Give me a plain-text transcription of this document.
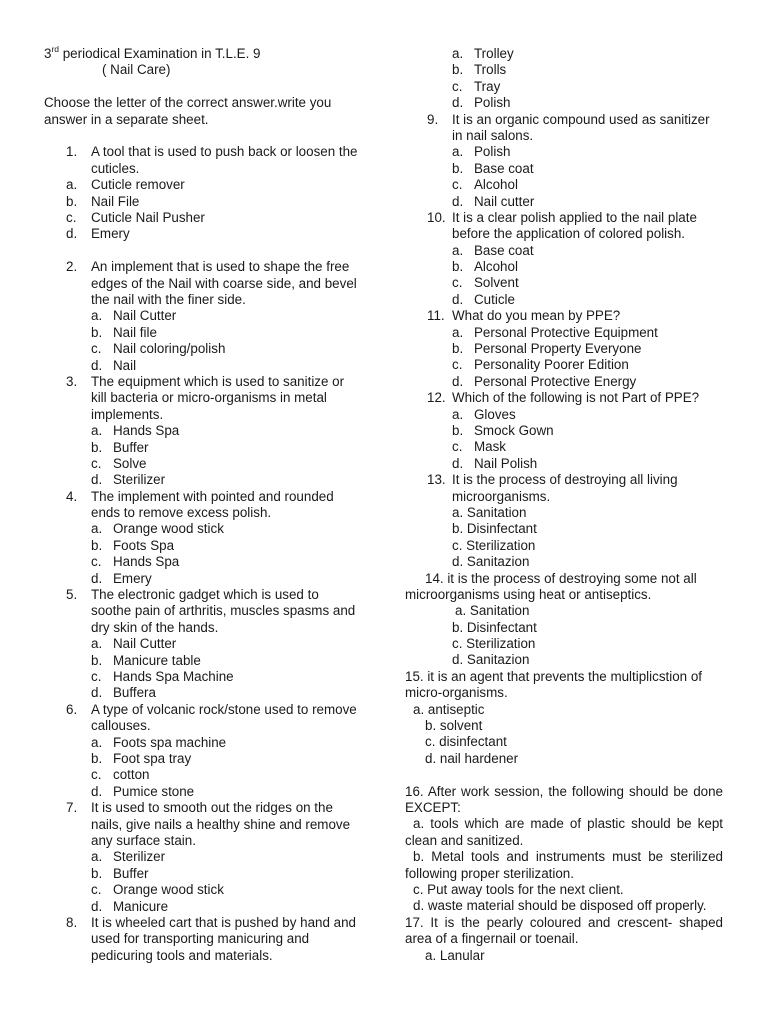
3rd periodical Examination in T.L.E. 9
( Nail Care)
Choose the letter of the correct answer.write you
answer in a separate sheet.
1. A tool that is used to push back or loosen the cuticles.
a. Cuticle remover
b. Nail File
c. Cuticle Nail Pusher
d. Emery
2. An implement that is used to shape the free edges of the Nail with coarse side, and bevel the nail with the finer side.
a. Nail Cutter
b. Nail file
c. Nail coloring/polish
d. Nail
3. The equipment which is used to sanitize or kill bacteria or micro-organisms in metal implements.
a. Hands Spa
b. Buffer
c. Solve
d. Sterilizer
4. The implement with pointed and rounded ends to remove excess polish.
a. Orange wood stick
b. Foots Spa
c. Hands Spa
d. Emery
5. The electronic gadget which is used to soothe pain of arthritis, muscles spasms and dry skin of the hands.
a. Nail Cutter
b. Manicure table
c. Hands Spa Machine
d. Buffera
6. A type of volcanic rock/stone used to remove callouses.
a. Foots spa machine
b. Foot spa tray
c. cotton
d. Pumice stone
7. It is used to smooth out the ridges on the nails, give nails a healthy shine and remove any surface stain.
a. Sterilizer
b. Buffer
c. Orange wood stick
d. Manicure
8. It is wheeled cart that is pushed by hand and used for transporting manicuring and pedicuring tools and materials.
a. Trolley
b. Trolls
c. Tray
d. Polish
9. It is an organic compound used as sanitizer
in nail salons.
a. Polish
b. Base coat
c. Alcohol
d. Nail cutter
10. It is a clear polish applied to the nail plate
before the application of colored polish.
a. Base coat
b. Alcohol
c. Solvent
d. Cuticle
11. What do you mean by PPE?
a. Personal Protective Equipment
b. Personal Property Everyone
c. Personality Poorer Edition
d. Personal Protective Energy
12. Which of the following is not Part of PPE?
a. Gloves
b. Smock Gown
c. Mask
d. Nail Polish
13. It is the process of destroying all living
microorganisms.
a. Sanitation
b. Disinfectant
c. Sterilization
d. Sanitazion
14. it is the process of destroying some not all
microorganisms using heat or antiseptics.
a. Sanitation
b. Disinfectant
c. Sterilization
d. Sanitazion
15. it is an agent that prevents the multiplicstion of
micro-organisms.
a. antiseptic
b. solvent
c. disinfectant
d. nail hardener
16. After work session, the following should be done EXCEPT:
a. tools which are made of plastic should be kept clean and sanitized.
b. Metal tools and instruments must be sterilized following proper sterilization.
c. Put away tools for the next client.
d. waste material should be disposed off properly.
17. It is the pearly coloured and crescent- shaped area of a fingernail or toenail.
a. Lanular
